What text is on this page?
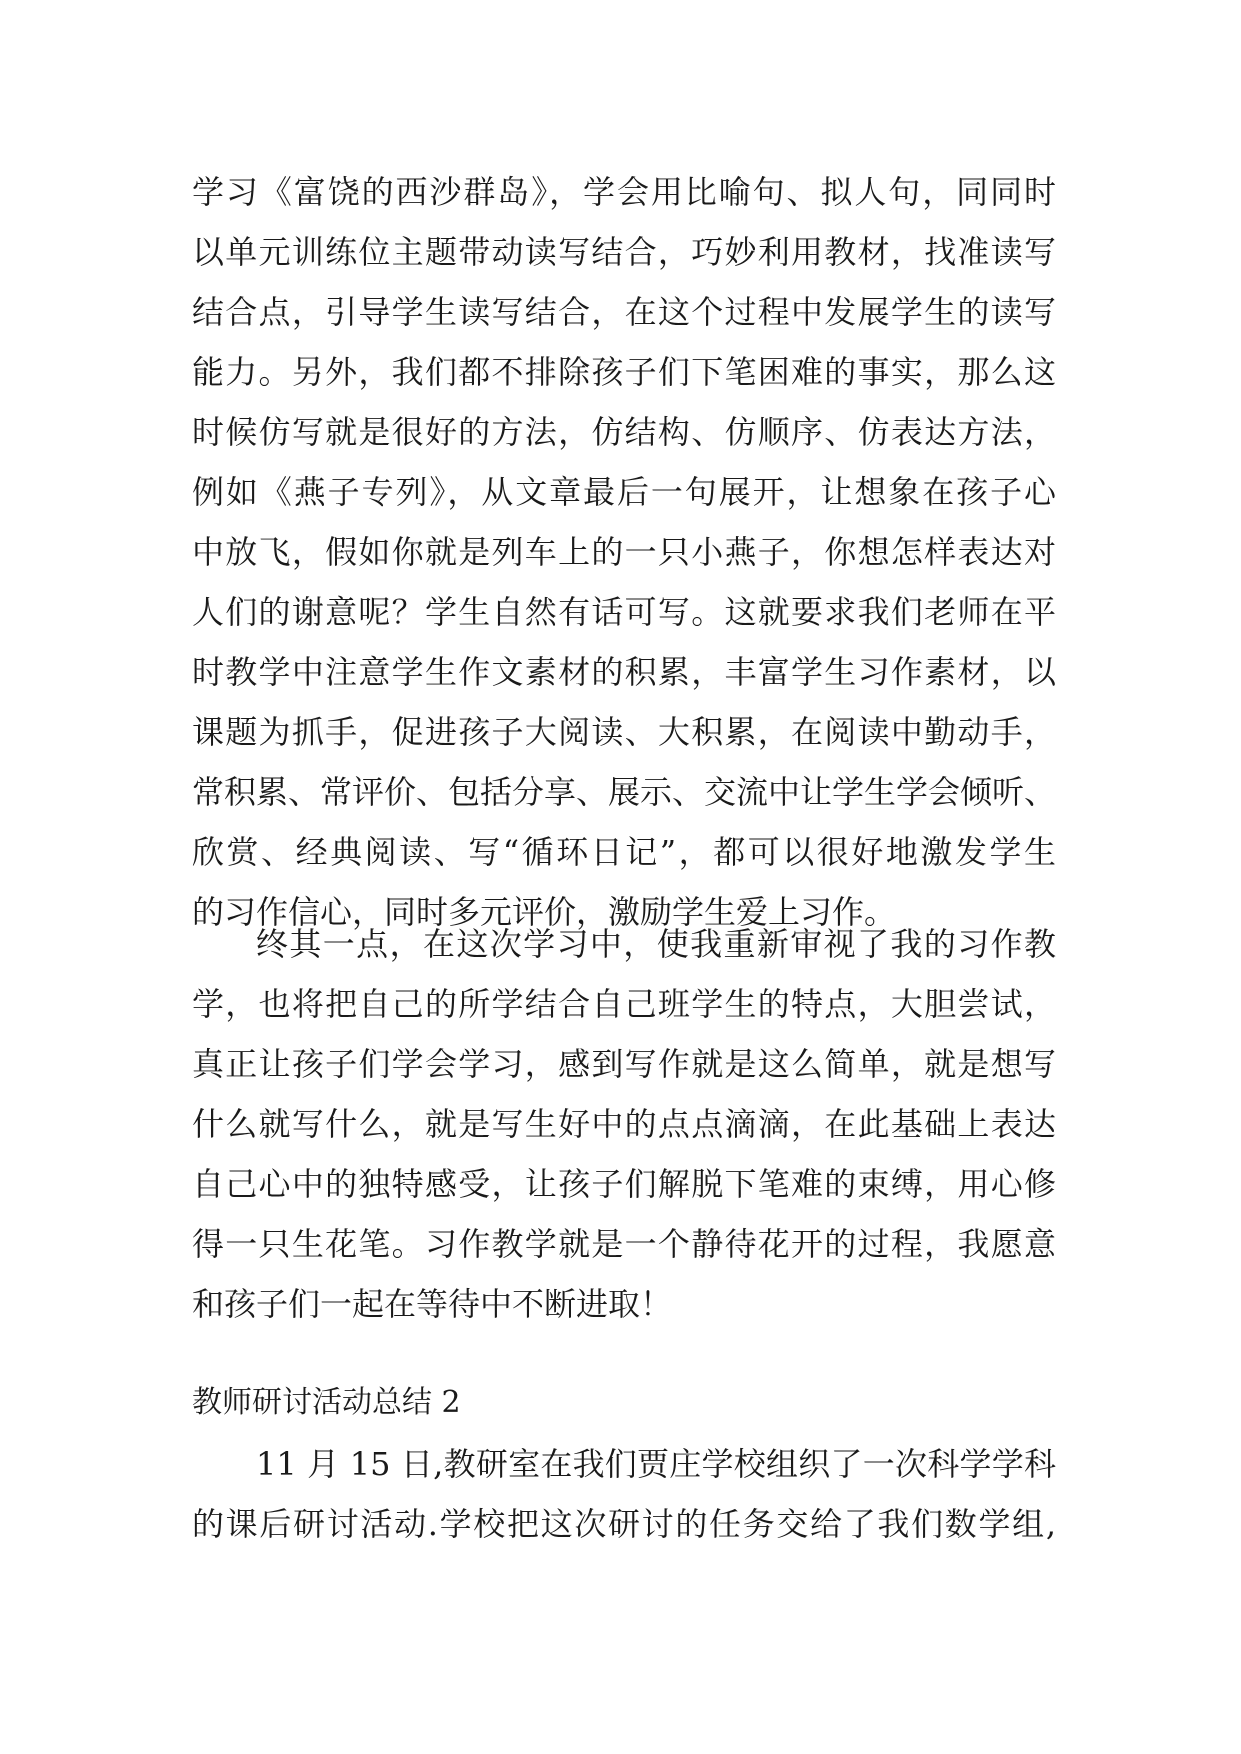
学习《富饶的西沙群岛》，学会用比喻句、拟人句，同同时
以单元训练位主题带动读写结合，巧妙利用教材，找准读写
结合点，引导学生读写结合，在这个过程中发展学生的读写
能力。另外，我们都不排除孩子们下笔困难的事实，那么这
时候仿写就是很好的方法，仿结构、仿顺序、仿表达方法，
例如《燕子专列》，从文章最后一句展开，让想象在孩子心
中放飞，假如你就是列车上的一只小燕子，你想怎样表达对
人们的谢意呢？学生自然有话可写。这就要求我们老师在平
时教学中注意学生作文素材的积累，丰富学生习作素材，以
课题为抓手，促进孩子大阅读、大积累，在阅读中勤动手，
常积累、常评价、包括分享、展示、交流中让学生学会倾听、
欣赏、经典阅读、写“循环日记”，都可以很好地激发学生
的习作信心，同时多元评价，激励学生爱上习作。
终其一点，在这次学习中，使我重新审视了我的习作教
学，也将把自己的所学结合自己班学生的特点，大胆尝试，
真正让孩子们学会学习，感到写作就是这么简单，就是想写
什么就写什么，就是写生好中的点点滴滴，在此基础上表达
自己心中的独特感受，让孩子们解脱下笔难的束缚，用心修
得一只生花笔。习作教学就是一个静待花开的过程，我愿意
和孩子们一起在等待中不断进取！
教师研讨活动总结 2
11 月 15 日,教研室在我们贾庄学校组织了一次科学学科
的课后研讨活动.学校把这次研讨的任务交给了我们数学组,
